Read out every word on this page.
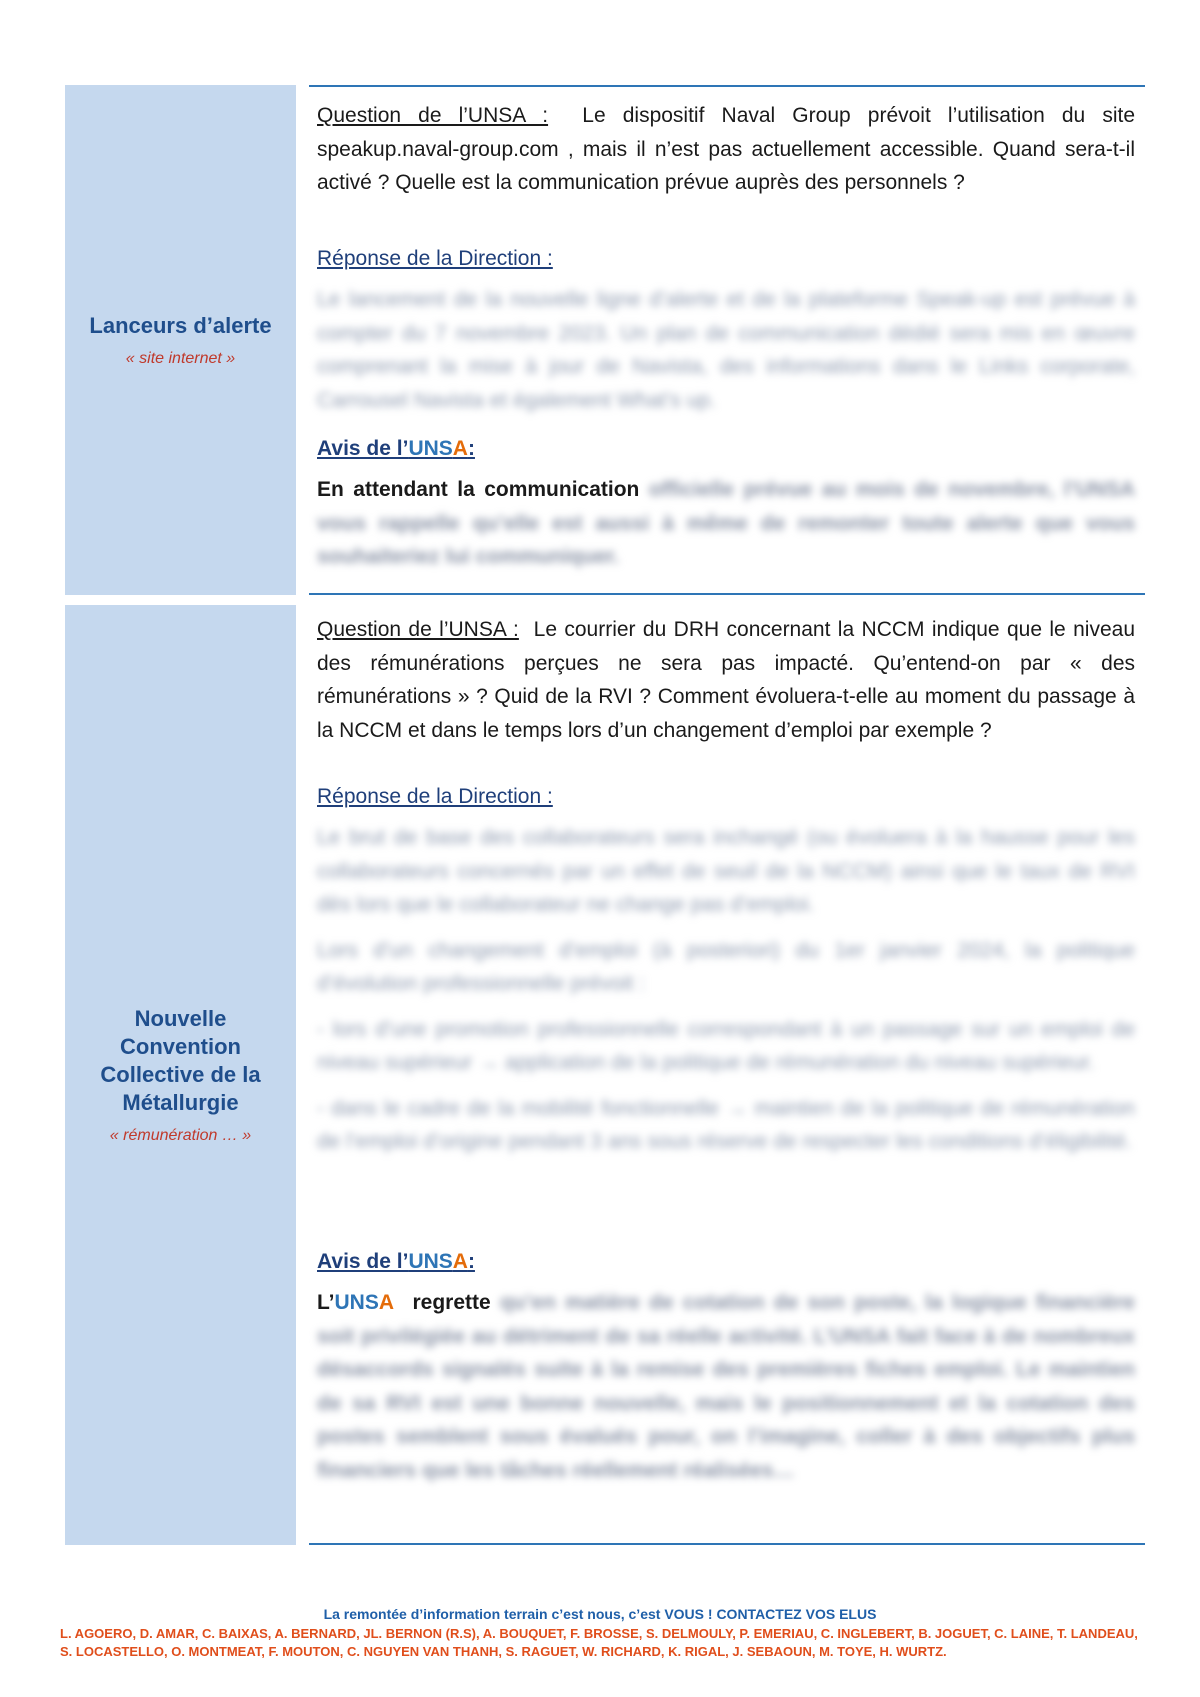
Lanceurs d’alerte
« site internet »

Question de l’UNSA : Le dispositif Naval Group prévoit l’utilisation du site speakup.naval-group.com , mais il n’est pas actuellement accessible. Quand sera-t-il activé ? Quelle est la communication prévue auprès des personnels ?

Réponse de la Direction :

Le lancement de la nouvelle ligne d’alerte et de la plateforme Speak-up est prévue à compter du 7 novembre 2023. Un plan de communication dédié sera mis en œuvre comprenant la mise à jour de Navista, des informations dans le Links corporate, Carrousel Navista et également What’s up.

Avis de l’UNSA:

En attendant la communication officielle prévue au mois de novembre, l’UNSA vous rappelle qu’elle est aussi à même de remonter toute alerte que vous souhaiteriez lui communiquer.

Nouvelle Convention Collective de la Métallurgie
« rémunération … »

Question de l’UNSA : Le courrier du DRH concernant la NCCM indique que le niveau des rémunérations perçues ne sera pas impacté. Qu’entend-on par « des rémunérations » ? Quid de la RVI ? Comment évoluera-t-elle au moment du passage à la NCCM et dans le temps lors d’un changement d’emploi par exemple ?

Réponse de la Direction :

Le brut de base des collaborateurs sera inchangé (ou évoluera à la hausse pour les collaborateurs concernés par un effet de seuil de la NCCM) ainsi que le taux de RVI dès lors que le collaborateur ne change pas d’emploi.

Lors d’un changement d’emploi (à posteriori) du 1er janvier 2024, la politique d’évolution professionnelle prévoit :

- lors d’une promotion professionnelle correspondant à un passage sur un emploi de niveau supérieur → application de la politique de rémunération du niveau supérieur.

- dans le cadre de la mobilité fonctionnelle → maintien de la politique de rémunération de l’emploi d’origine pendant 3 ans sous réserve de respecter les conditions d’éligibilité.

Avis de l’UNSA:

L’UNSA regrette qu’en matière de cotation de son poste, la logique financière soit privilégiée au détriment de sa réelle activité. L’UNSA fait face à de nombreux désaccords signalés suite à la remise des premières fiches emploi. Le maintien de sa RVI est une bonne nouvelle, mais le positionnement et la cotation des postes semblent sous évalués pour, on l’imagine, coller à des objectifs plus financiers que les tâches réellement réalisées…

La remontée d’information terrain c’est nous, c’est VOUS ! CONTACTEZ VOS ELUS
L. AGOERO, D. AMAR, C. BAIXAS, A. BERNARD, JL. BERNON (R.S), A. BOUQUET, F. BROSSE, S. DELMOULY, P. EMERIAU, C. INGLEBERT, B. JOGUET, C. LAINE, T. LANDEAU, S. LOCASTELLO, O. MONTMEAT, F. MOUTON, C. NGUYEN VAN THANH, S. RAGUET, W. RICHARD, K. RIGAL, J. SEBAOUN, M. TOYE, H. WURTZ.
